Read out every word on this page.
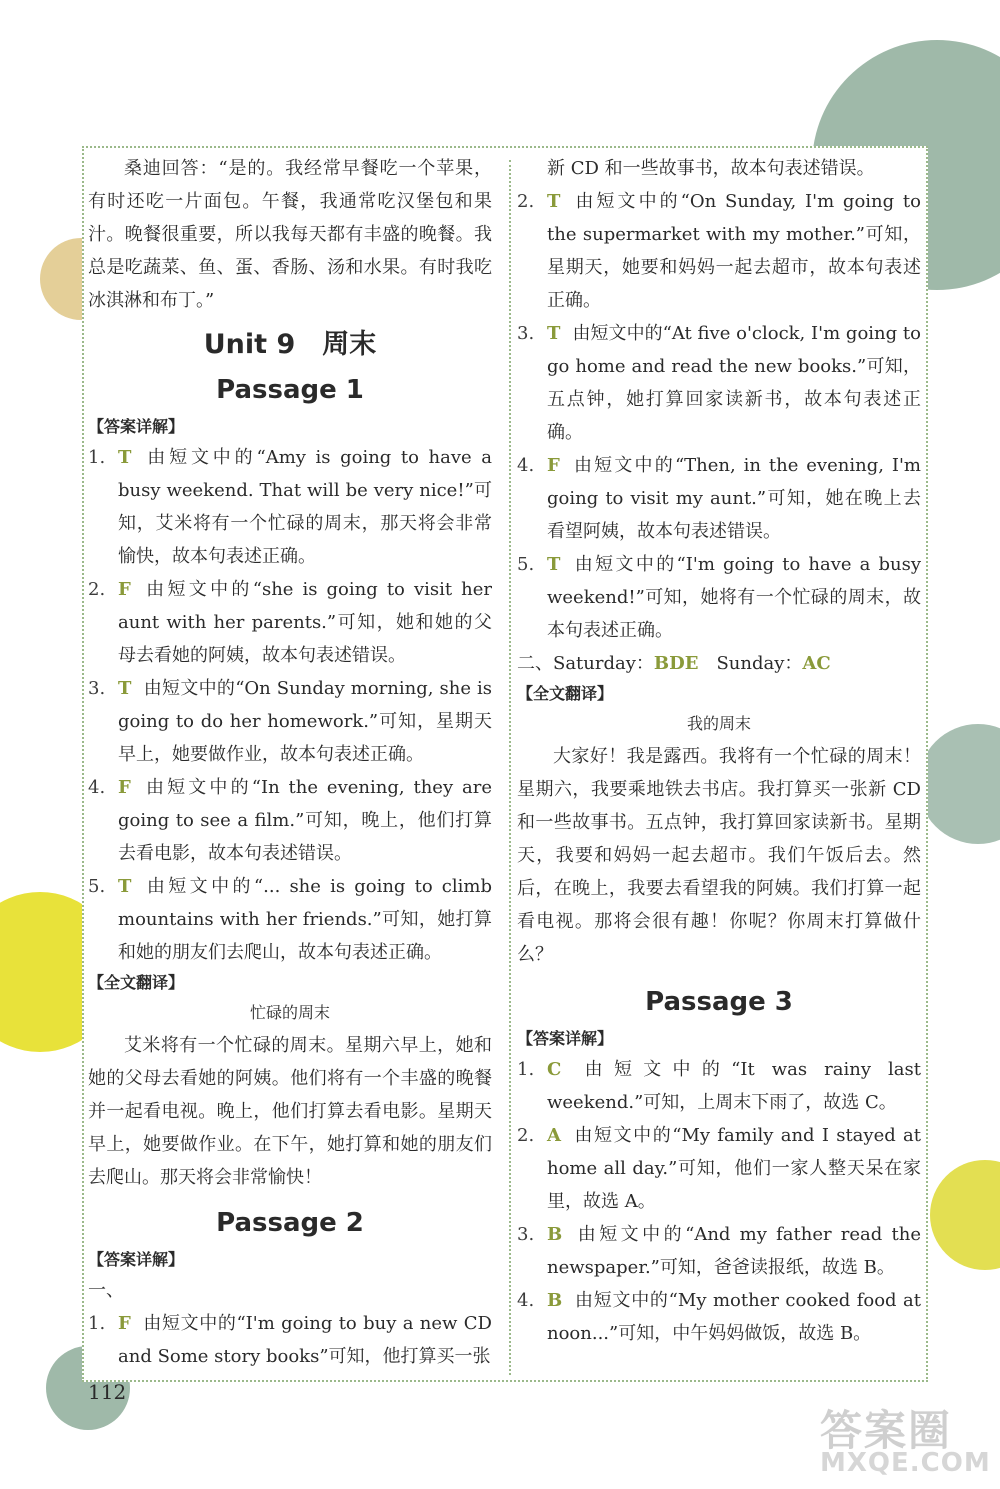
桑迪回答：“是的。我经常早餐吃一个苹果，有时还吃一片面包。午餐，我通常吃汉堡包和果汁。晚餐很重要，所以我每天都有丰盛的晚餐。我总是吃蔬菜、鱼、蛋、香肠、汤和水果。有时我吃冰淇淋和布丁。”

Unit 9　周末
Passage 1

【答案详解】

1. T 由短文中的“Amy is going to have a busy weekend. That will be very nice!”可知，艾米将有一个忙碌的周末，那天将会非常愉快，故本句表述正确。
2. F 由短文中的“she is going to visit her aunt with her parents.”可知，她和她的父母去看她的阿姨，故本句表述错误。
3. T 由短文中的“On Sunday morning, she is going to do her homework.”可知，星期天早上，她要做作业，故本句表述正确。
4. F 由短文中的“In the evening, they are going to see a film.”可知，晚上，他们打算去看电影，故本句表述错误。
5. T 由短文中的“... she is going to climb mountains with her friends.”可知，她打算和她的朋友们去爬山，故本句表述正确。

【全文翻译】

忙碌的周末

艾米将有一个忙碌的周末。星期六早上，她和她的父母去看她的阿姨。他们将有一个丰盛的晚餐并一起看电视。晚上，他们打算去看电影。星期天早上，她要做作业。在下午，她打算和她的朋友们去爬山。那天将会非常愉快！

Passage 2

【答案详解】

一、

1. F 由短文中的“I'm going to buy a new CD and Some story books”可知，他打算买一张

新 CD 和一些故事书，故本句表述错误。

2. T 由短文中的“On Sunday, I'm going to the supermarket with my mother.”可知，星期天，她要和妈妈一起去超市，故本句表述正确。
3. T 由短文中的“At five o'clock, I'm going to go home and read the new books.”可知，五点钟，她打算回家读新书，故本句表述正确。
4. F 由短文中的“Then, in the evening, I'm going to visit my aunt.”可知，她在晚上去看望阿姨，故本句表述错误。
5. T 由短文中的“I'm going to have a busy weekend!”可知，她将有一个忙碌的周末，故本句表述正确。

二、Saturday：BDE　Sunday：AC

【全文翻译】

我的周末

大家好！我是露西。我将有一个忙碌的周末！星期六，我要乘地铁去书店。我打算买一张新 CD 和一些故事书。五点钟，我打算回家读新书。星期天，我要和妈妈一起去超市。我们午饭后去。然后，在晚上，我要去看望我的阿姨。我们打算一起看电视。那将会很有趣！你呢？你周末打算做什么？

Passage 3

【答案详解】

1. C 由短文中的“It was rainy last weekend.”可知，上周末下雨了，故选 C。
2. A 由短文中的“My family and I stayed at home all day.”可知，他们一家人整天呆在家里，故选 A。
3. B 由短文中的“And my father read the newspaper.”可知，爸爸读报纸，故选 B。
4. B 由短文中的“My mother cooked food at noon...”可知，中午妈妈做饭，故选 B。
112
答案圈
MXQE.COM
